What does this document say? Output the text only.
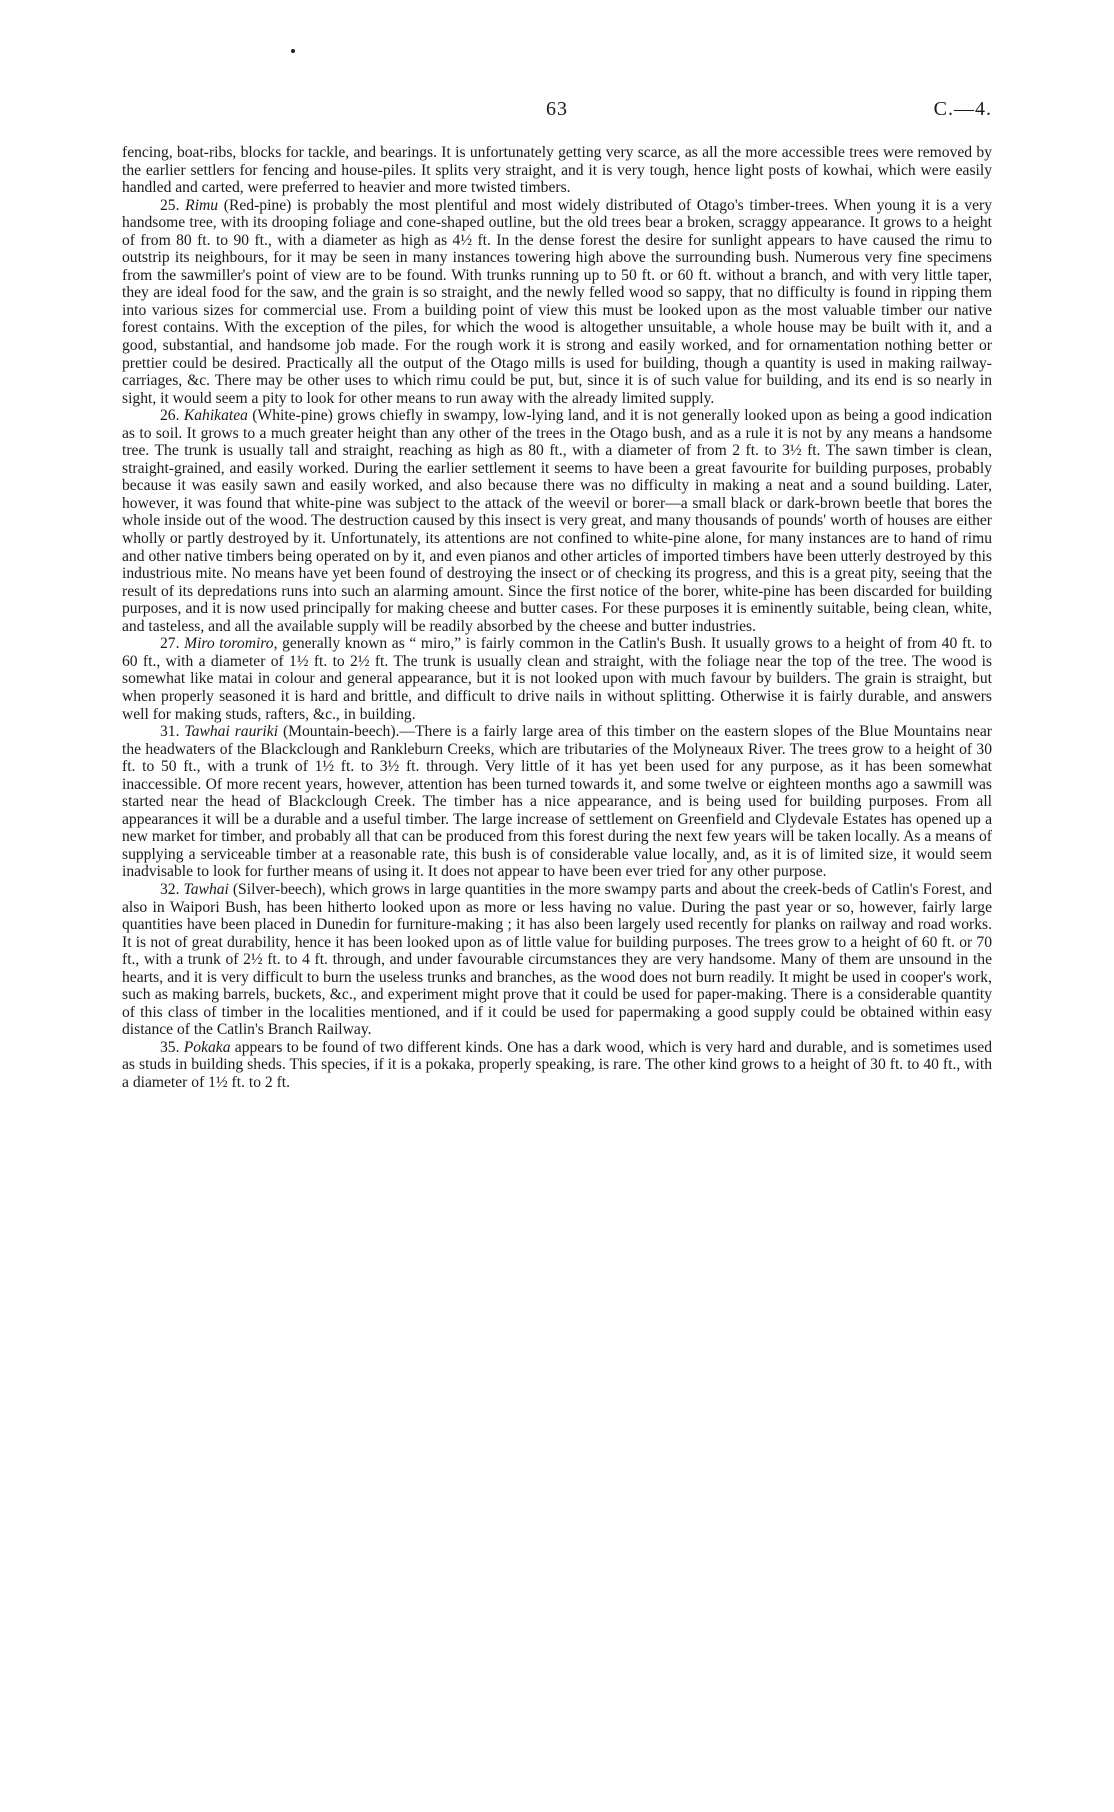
63	C.—4.

fencing, boat-ribs, blocks for tackle, and bearings. It is unfortunately getting very scarce, as all the more accessible trees were removed by the earlier settlers for fencing and house-piles. It splits very straight, and it is very tough, hence light posts of kowhai, which were easily handled and carted, were preferred to heavier and more twisted timbers.

25. Rimu (Red-pine) is probably the most plentiful and most widely distributed of Otago's timber-trees. When young it is a very handsome tree, with its drooping foliage and cone-shaped outline, but the old trees bear a broken, scraggy appearance. It grows to a height of from 80 ft. to 90 ft., with a diameter as high as 4½ ft. In the dense forest the desire for sunlight appears to have caused the rimu to outstrip its neighbours, for it may be seen in many instances towering high above the surrounding bush. Numerous very fine specimens from the sawmiller's point of view are to be found. With trunks running up to 50 ft. or 60 ft. without a branch, and with very little taper, they are ideal food for the saw, and the grain is so straight, and the newly felled wood so sappy, that no difficulty is found in ripping them into various sizes for commercial use. From a building point of view this must be looked upon as the most valuable timber our native forest contains. With the exception of the piles, for which the wood is altogether unsuitable, a whole house may be built with it, and a good, substantial, and handsome job made. For the rough work it is strong and easily worked, and for ornamentation nothing better or prettier could be desired. Practically all the output of the Otago mills is used for building, though a quantity is used in making railway-carriages, &c. There may be other uses to which rimu could be put, but, since it is of such value for building, and its end is so nearly in sight, it would seem a pity to look for other means to run away with the already limited supply.

26. Kahikatea (White-pine) grows chiefly in swampy, low-lying land, and it is not generally looked upon as being a good indication as to soil. It grows to a much greater height than any other of the trees in the Otago bush, and as a rule it is not by any means a handsome tree. The trunk is usually tall and straight, reaching as high as 80 ft., with a diameter of from 2 ft. to 3½ ft. The sawn timber is clean, straight-grained, and easily worked. During the earlier settlement it seems to have been a great favourite for building purposes, probably because it was easily sawn and easily worked, and also because there was no difficulty in making a neat and a sound building. Later, however, it was found that white-pine was subject to the attack of the weevil or borer—a small black or dark-brown beetle that bores the whole inside out of the wood. The destruction caused by this insect is very great, and many thousands of pounds' worth of houses are either wholly or partly destroyed by it. Unfortunately, its attentions are not confined to white-pine alone, for many instances are to hand of rimu and other native timbers being operated on by it, and even pianos and other articles of imported timbers have been utterly destroyed by this industrious mite. No means have yet been found of destroying the insect or of checking its progress, and this is a great pity, seeing that the result of its depredations runs into such an alarming amount. Since the first notice of the borer, white-pine has been discarded for building purposes, and it is now used principally for making cheese and butter cases. For these purposes it is eminently suitable, being clean, white, and tasteless, and all the available supply will be readily absorbed by the cheese and butter industries.

27. Miro toromiro, generally known as “ miro,” is fairly common in the Catlin's Bush. It usually grows to a height of from 40 ft. to 60 ft., with a diameter of 1½ ft. to 2½ ft. The trunk is usually clean and straight, with the foliage near the top of the tree. The wood is somewhat like matai in colour and general appearance, but it is not looked upon with much favour by builders. The grain is straight, but when properly seasoned it is hard and brittle, and difficult to drive nails in without splitting. Otherwise it is fairly durable, and answers well for making studs, rafters, &c., in building.

31. Tawhai rauriki (Mountain-beech).—There is a fairly large area of this timber on the eastern slopes of the Blue Mountains near the headwaters of the Blackclough and Rankleburn Creeks, which are tributaries of the Molyneaux River. The trees grow to a height of 30 ft. to 50 ft., with a trunk of 1½ ft. to 3½ ft. through. Very little of it has yet been used for any purpose, as it has been somewhat inaccessible. Of more recent years, however, attention has been turned towards it, and some twelve or eighteen months ago a sawmill was started near the head of Blackclough Creek. The timber has a nice appearance, and is being used for building purposes. From all appearances it will be a durable and a useful timber. The large increase of settlement on Greenfield and Clydevale Estates has opened up a new market for timber, and probably all that can be produced from this forest during the next few years will be taken locally. As a means of supplying a serviceable timber at a reasonable rate, this bush is of considerable value locally, and, as it is of limited size, it would seem inadvisable to look for further means of using it. It does not appear to have been ever tried for any other purpose.

32. Tawhai (Silver-beech), which grows in large quantities in the more swampy parts and about the creek-beds of Catlin's Forest, and also in Waipori Bush, has been hitherto looked upon as more or less having no value. During the past year or so, however, fairly large quantities have been placed in Dunedin for furniture-making ; it has also been largely used recently for planks on railway and road works. It is not of great durability, hence it has been looked upon as of little value for building purposes. The trees grow to a height of 60 ft. or 70 ft., with a trunk of 2½ ft. to 4 ft. through, and under favourable circumstances they are very handsome. Many of them are unsound in the hearts, and it is very difficult to burn the useless trunks and branches, as the wood does not burn readily. It might be used in cooper's work, such as making barrels, buckets, &c., and experiment might prove that it could be used for paper-making. There is a considerable quantity of this class of timber in the localities mentioned, and if it could be used for papermaking a good supply could be obtained within easy distance of the Catlin's Branch Railway.

35. Pokaka appears to be found of two different kinds. One has a dark wood, which is very hard and durable, and is sometimes used as studs in building sheds. This species, if it is a pokaka, properly speaking, is rare. The other kind grows to a height of 30 ft. to 40 ft., with a diameter of 1½ ft. to 2 ft.
